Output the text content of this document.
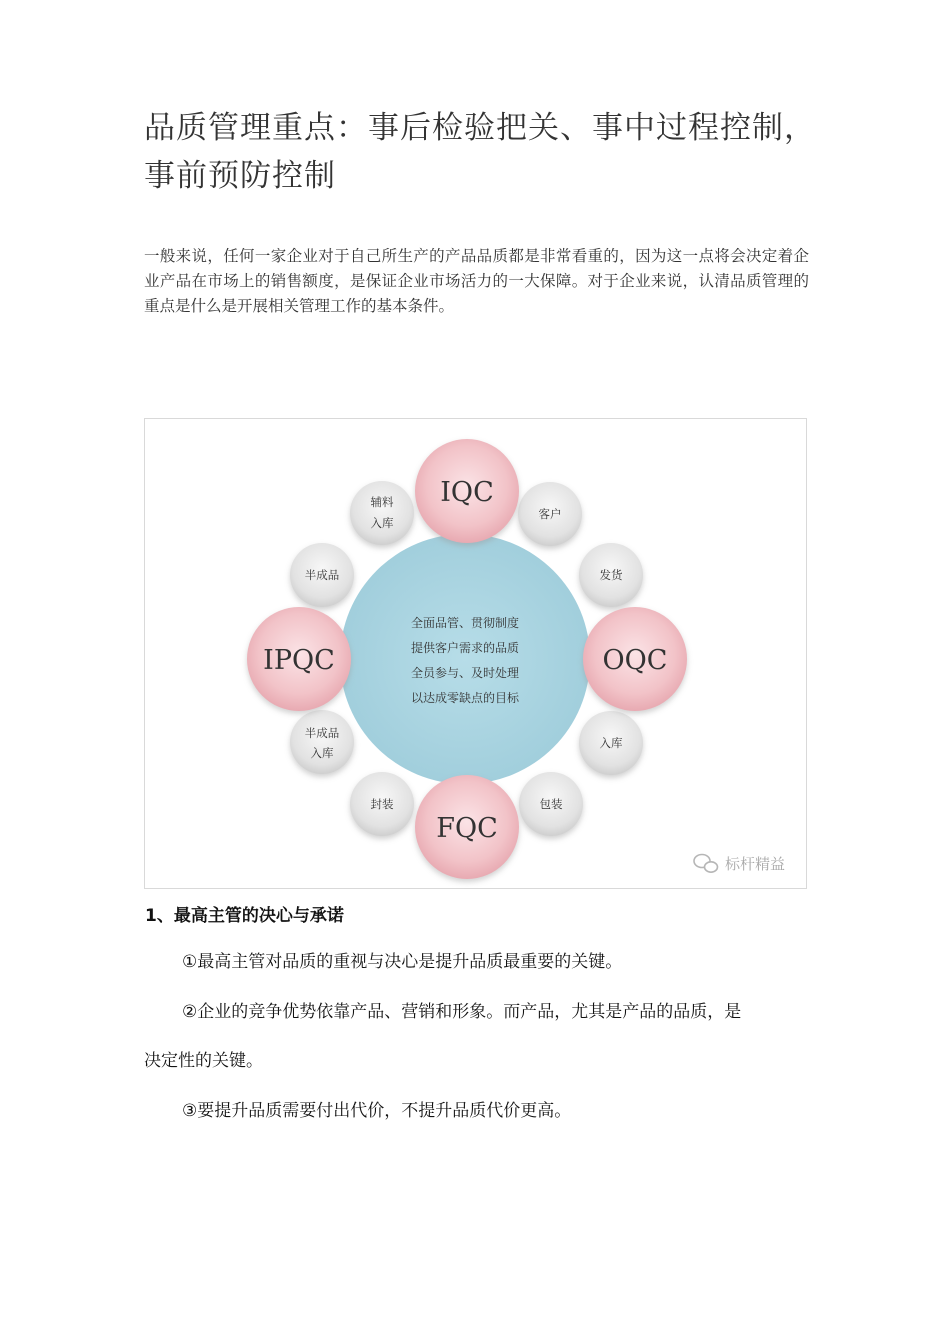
品质管理重点：事后检验把关、事中过程控制，事前预防控制
一般来说，任何一家企业对于自己所生产的产品品质都是非常看重的，因为这一点将会决定着企业产品在市场上的销售额度，是保证企业市场活力的一大保障。对于企业来说，认清品质管理的重点是什么是开展相关管理工作的基本条件。
全面品管、贯彻制度
提供客户需求的品质
全员参与、及时处理
以达成零缺点的目标
IQC
OQC
FQC
IPQC
辅料
入库
客户
发货
半成品
入库
半成品
入库
封装	包装
标杆精益
1、最高主管的决心与承诺
①最高主管对品质的重视与决心是提升品质最重要的关键。
②企业的竞争优势依靠产品、营销和形象。而产品，尤其是产品的品质，是
决定性的关键。
③要提升品质需要付出代价，不提升品质代价更高。
